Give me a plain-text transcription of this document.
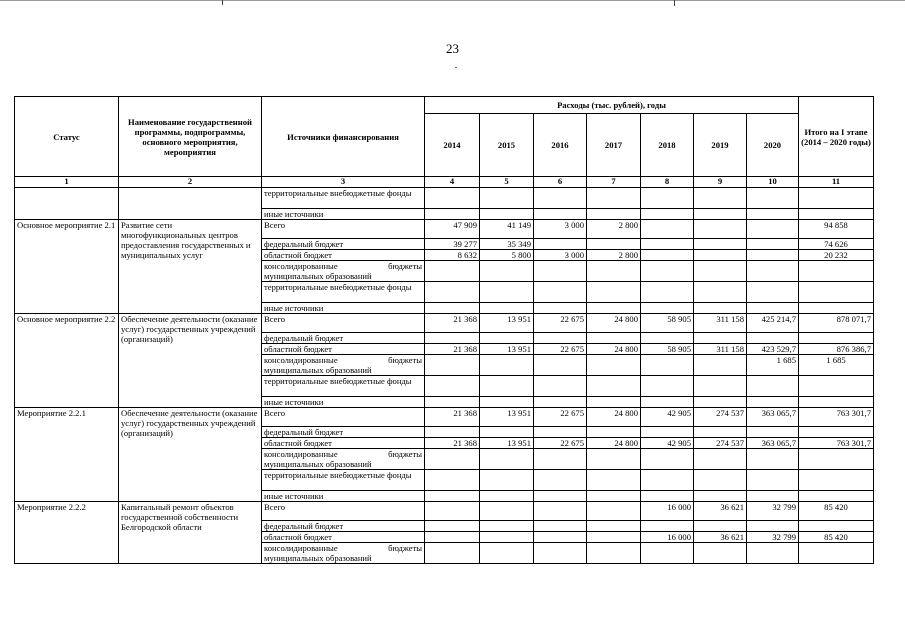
23
Статус	Наименование государственной программы, подпрограммы, основного мероприятия, мероприятия	Источники финансирования	Расходы (тыс. рублей), годы							Итого на I этапе (2014 – 2020 годы)
			2014	2015	2016	2017	2018	2019	2020	
1	2	3	4	5	6	7	8	9	10	11
		территориальные внебюджетные фонды								
		иные источники								
Основное мероприятие 2.1	Развитие сети многофункциональных центров предоставления государственных и муниципальных услуг	Всего	47 909	41 149	3 000	2 800				94 858
		федеральный бюджет	39 277	35 349						74 626
		областной бюджет	8 632	5 800	3 000	2 800				20 232
		консолидированные бюджеты муниципальных образований								
		территориальные внебюджетные фонды								
		иные источники								
Основное мероприятие 2.2	Обеспечение деятельности (оказание услуг) государственных учреждений (организаций)	Всего	21 368	13 951	22 675	24 800	58 905	311 158	425 214,7	878 071,7
		федеральный бюджет								
		областной бюджет	21 368	13 951	22 675	24 800	58 905	311 158	423 529,7	876 386,7
		консолидированные бюджеты муниципальных образований							1 685	1 685
		территориальные внебюджетные фонды								
		иные источники								
Мероприятие 2.2.1	Обеспечение деятельности (оказание услуг) государственных учреждений (организаций)	Всего	21 368	13 951	22 675	24 800	42 905	274 537	363 065,7	763 301,7
		федеральный бюджет								
		областной бюджет	21 368	13 951	22 675	24 800	42 905	274 537	363 065,7	763 301,7
		консолидированные бюджеты муниципальных образований								
		территориальные внебюджетные фонды								
		иные источники								
Мероприятие 2.2.2	Капитальный ремонт объектов государственной собственности Белгородской области	Всего					16 000	36 621	32 799	85 420
		федеральный бюджет								
		областной бюджет					16 000	36 621	32 799	85 420
		консолидированные бюджеты муниципальных образований								
